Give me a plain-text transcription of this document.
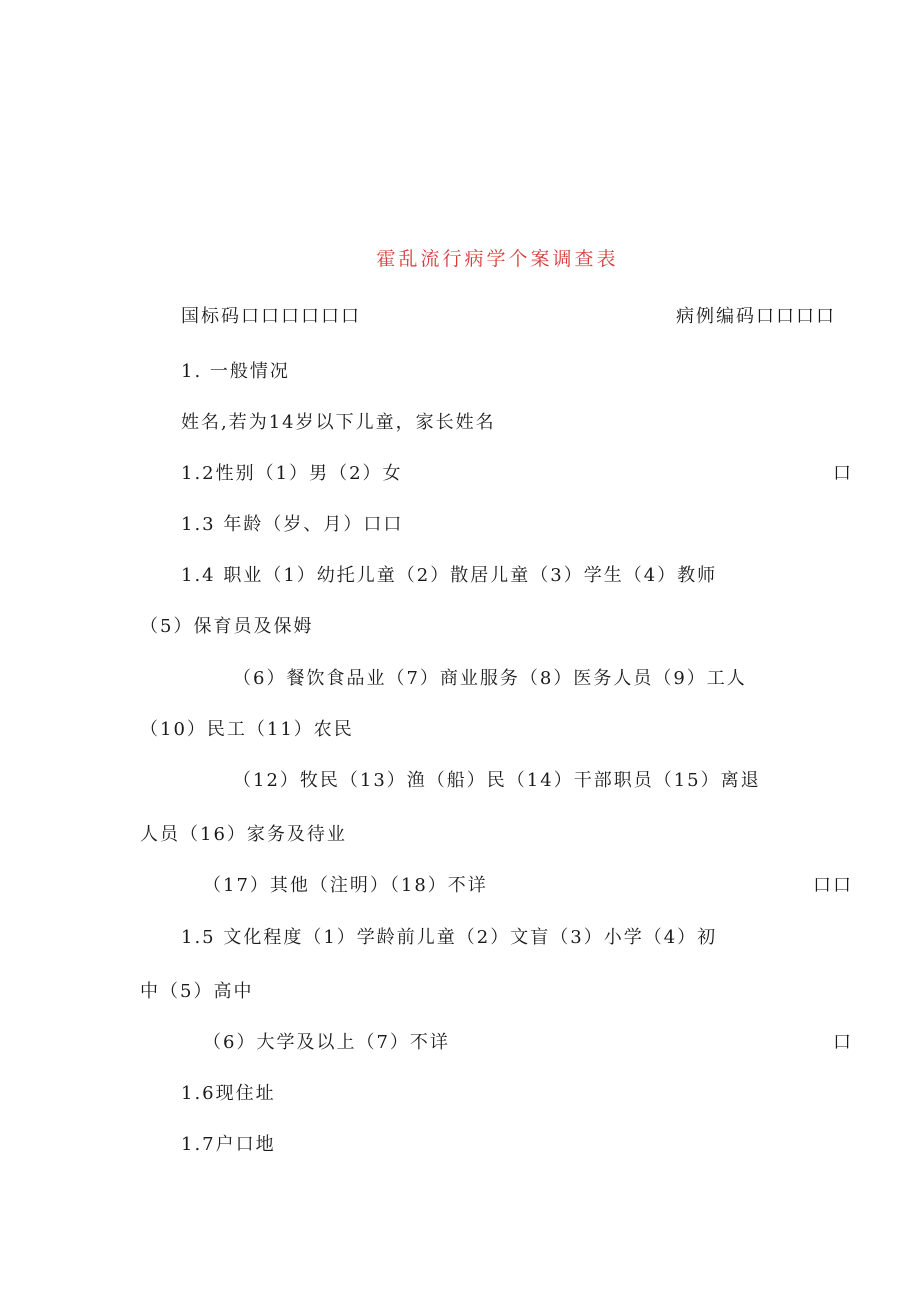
霍乱流行病学个案调查表
国标码口口口口口口	病例编码口口口口
1. 一般情况
姓名,若为14岁以下儿童，家长姓名
1.2性别（1）男（2）女	口
1.3 年龄（岁、月）口口
1.4 职业（1）幼托儿童（2）散居儿童（3）学生（4）教师
（5）保育员及保姆
（6）餐饮食品业（7）商业服务（8）医务人员（9）工人
（10）民工（11）农民
（12）牧民（13）渔（船）民（14）干部职员（15）离退
人员（16）家务及待业
（17）其他（注明）（18）不详	口口
1.5 文化程度（1）学龄前儿童（2）文盲（3）小学（4）初
中（5）高中
（6）大学及以上（7）不详	口
1.6现住址
1.7户口地
